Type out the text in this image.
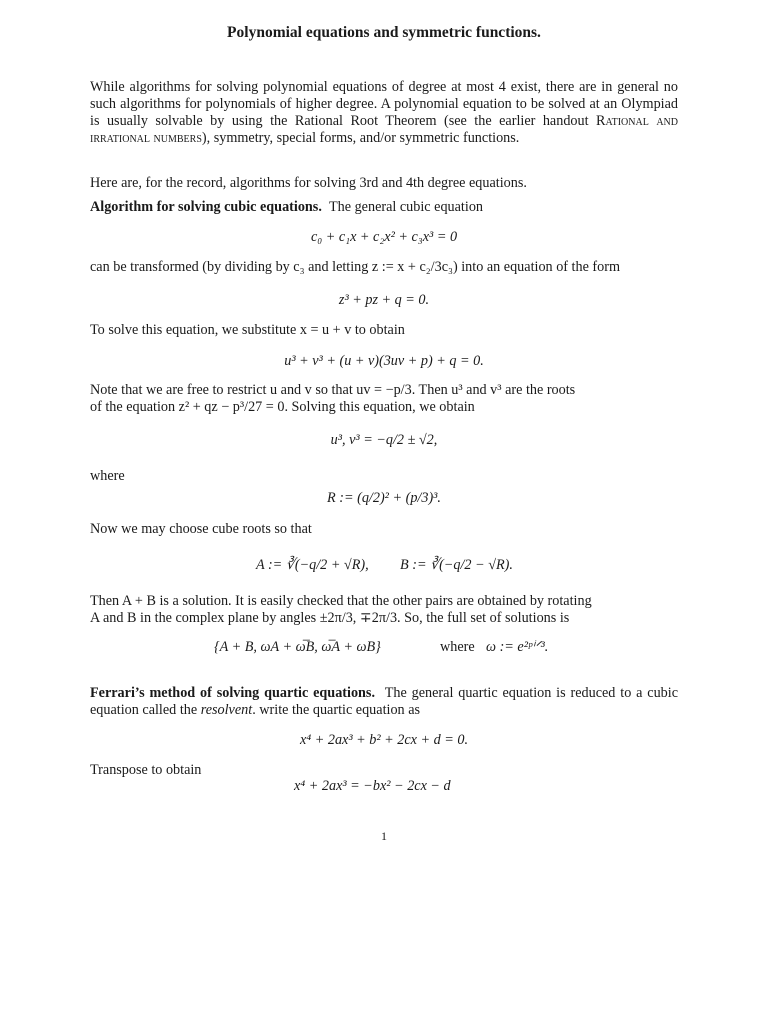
Polynomial equations and symmetric functions.
While algorithms for solving polynomial equations of degree at most 4 exist, there are in general no such algorithms for polynomials of higher degree. A polynomial equation to be solved at an Olympiad is usually solvable by using the Rational Root Theorem (see the earlier handout Rational and irrational numbers), symmetry, special forms, and/or symmetric functions.
Here are, for the record, algorithms for solving 3rd and 4th degree equations.
Algorithm for solving cubic equations. The general cubic equation
c₀ + c₁x + c₂x² + c₃x³ = 0
can be transformed (by dividing by c₃ and letting z := x + c₂/3c₃) into an equation of the form
z³ + pz + q = 0.
To solve this equation, we substitute x = u + v to obtain
u³ + v³ + (u + v)(3uv + p) + q = 0.
Note that we are free to restrict u and v so that uv = −p/3. Then u³ and v³ are the roots
of the equation z² + qz − p³/27 = 0. Solving this equation, we obtain
u³, v³ = −q/2 ± √2,
where
R := (q/2)² + (p/3)³.
Now we may choose cube roots so that
A := ∛(−q/2 + √R), B := ∛(−q/2 − √R).
Then A + B is a solution. It is easily checked that the other pairs are obtained by rotating
A and B in the complex plane by angles ±2π/3, ∓2π/3. So, the full set of solutions is
{A + B, ωA + ω̅B, ω̅A + ωB}	where ω := e²ᵖⁱᐟ³.
Ferrari’s method of solving quartic equations. The general quartic equation is reduced to a cubic equation called the resolvent. write the quartic equation as
x⁴ + 2ax³ + b² + 2cx + d = 0.
Transpose to obtain
x⁴ + 2ax³ = −bx² − 2cx − d
1
